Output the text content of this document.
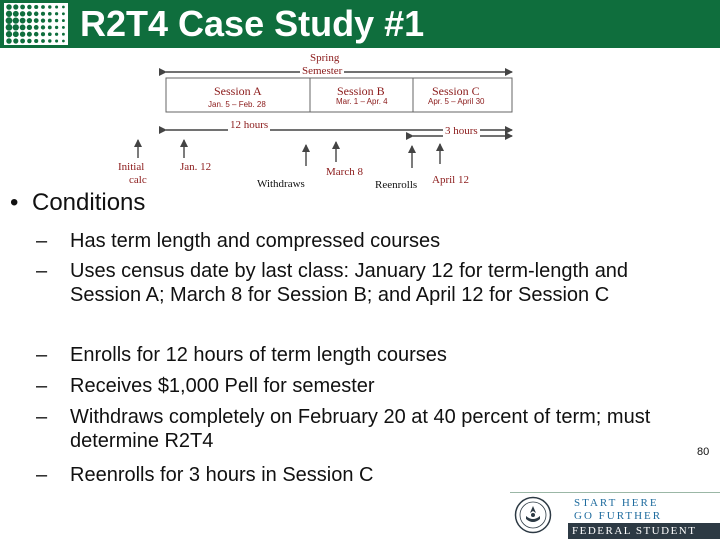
R2T4 Case Study #1
Spring
Semester
Session A
Jan. 5 – Feb. 28
Session B
Mar. 1 – Apr. 4
Session C
Apr. 5 – April 30
12 hours	3 hours
Initial
calc
Jan. 12
Withdraws
March 8
Reenrolls April 12
• Conditions
– Has term length and compressed courses
– Uses census date by last class: January 12 for term-length and Session A; March 8 for Session B; and April 12 for Session C
– Enrolls for 12 hours of term length courses
– Receives $1,000 Pell for semester
– Withdraws completely on February 20 at 40 percent of term; must determine R2T4
– Reenrolls for 3 hours in Session C
80
START HERE
GO FURTHER
FEDERAL STUDENT AID
